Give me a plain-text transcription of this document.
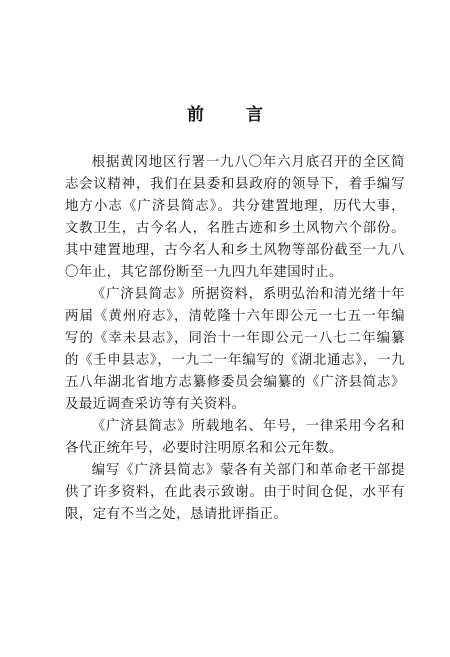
前 言

根据黄冈地区行署一九八〇年六月底召开的全区简志会议精神，我们在县委和县政府的领导下，着手编写地方小志《广济县简志》。共分建置地理，历代大事，文教卫生，古今名人，名胜古迹和乡土风物六个部份。其中建置地理，古今名人和乡土风物等部份截至一九八〇年止，其它部份断至一九四九年建国时止。

《广济县简志》所据资料，系明弘治和清光绪十年两届《黄州府志》，清乾隆十六年即公元一七五一年编写的《幸未县志》，同治十一年即公元一八七二年编纂的《壬申县志》，一九二一年编写的《湖北通志》，一九五八年湖北省地方志纂修委员会编纂的《广济县简志》及最近调查采访等有关资料。

《广济县简志》所载地名、年号，一律采用今名和各代正统年号，必要时注明原名和公元年数。

编写《广济县简志》蒙各有关部门和革命老干部提供了许多资料，在此表示致谢。由于时间仓促，水平有限，定有不当之处，恳请批评指正。
